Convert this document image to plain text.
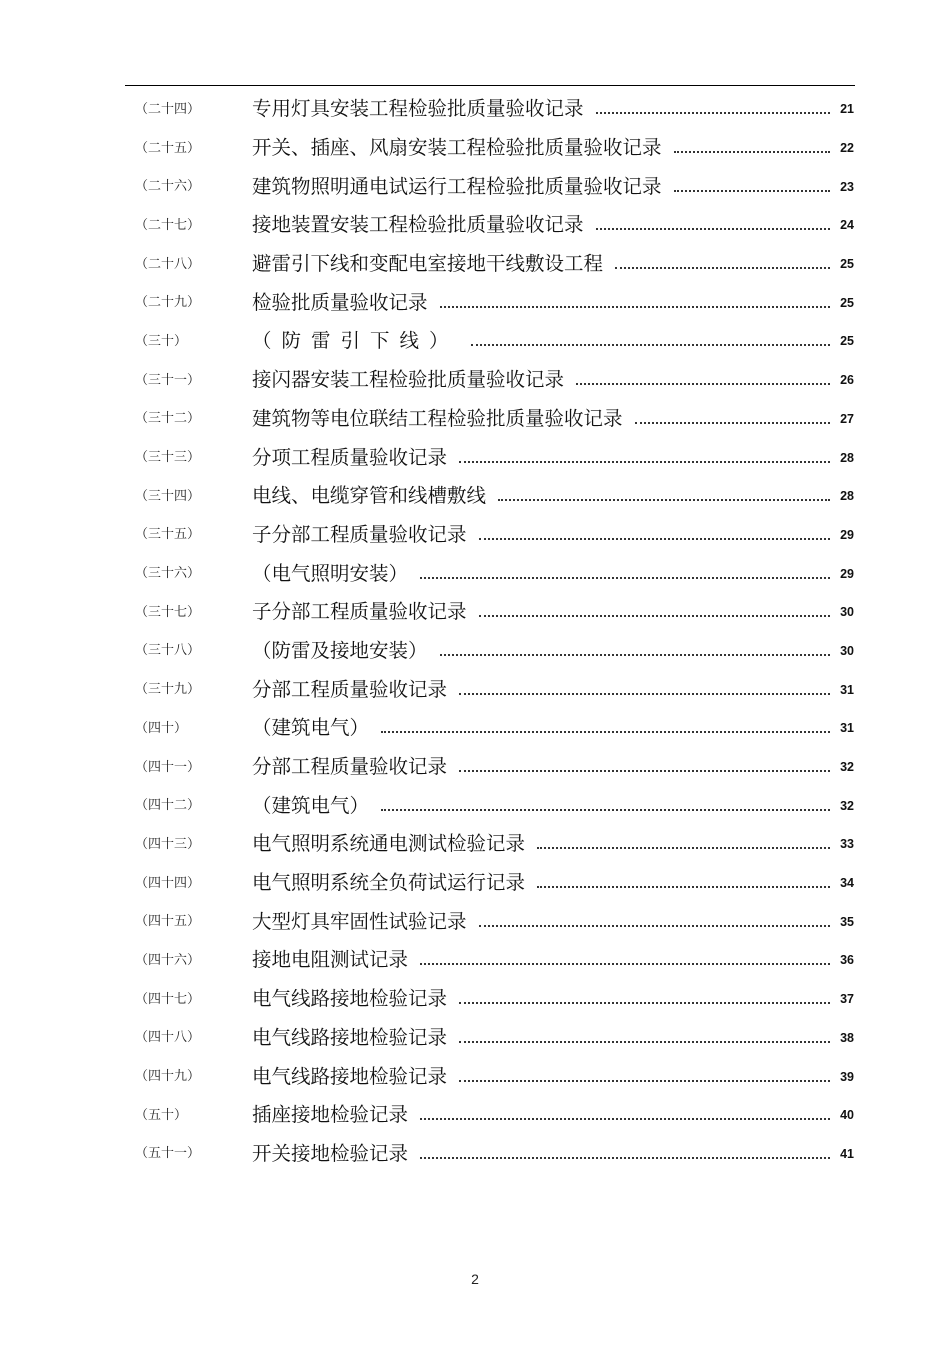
（二十四）	专用灯具安装工程检验批质量验收记录	21
（二十五）	开关、插座、风扇安装工程检验批质量验收记录	22
（二十六）	建筑物照明通电试运行工程检验批质量验收记录	23
（二十七）	接地装置安装工程检验批质量验收记录	24
（二十八）	避雷引下线和变配电室接地干线敷设工程	25
（二十九）	检验批质量验收记录	25
（三十）	（防雷引下线）	25
（三十一）	接闪器安装工程检验批质量验收记录	26
（三十二）	建筑物等电位联结工程检验批质量验收记录	27
（三十三）	分项工程质量验收记录	28
（三十四）	电线、电缆穿管和线槽敷线	28
（三十五）	子分部工程质量验收记录	29
（三十六）	（电气照明安装）	29
（三十七）	子分部工程质量验收记录	30
（三十八）	（防雷及接地安装）	30
（三十九）	分部工程质量验收记录	31
（四十）	（建筑电气）	31
（四十一）	分部工程质量验收记录	32
（四十二）	（建筑电气）	32
（四十三）	电气照明系统通电测试检验记录	33
（四十四）	电气照明系统全负荷试运行记录	34
（四十五）	大型灯具牢固性试验记录	35
（四十六）	接地电阻测试记录	36
（四十七）	电气线路接地检验记录	37
（四十八）	电气线路接地检验记录	38
（四十九）	电气线路接地检验记录	39
（五十）	插座接地检验记录	40
（五十一）	开关接地检验记录	41
2
